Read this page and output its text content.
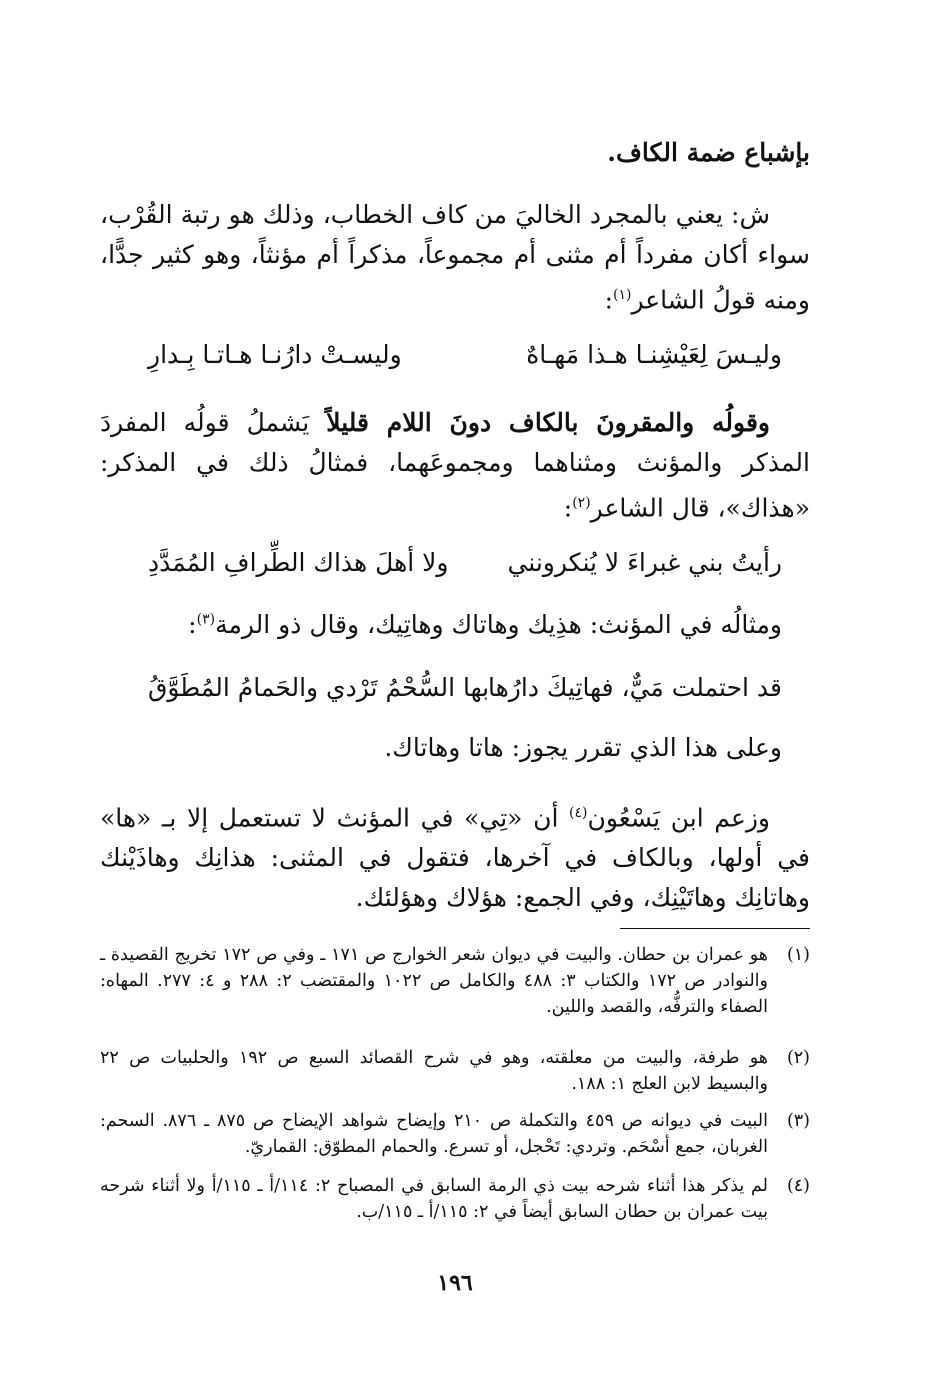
بإشباع ضمة الكاف.
ش: يعني بالمجرد الخاليَ من كاف الخطاب، وذلك هو رتبة القُرْب، سواء أكان مفرداً أم مثنى أم مجموعاً، مذكراً أم مؤنثاً، وهو كثير جدًّا، ومنه قولُ الشاعر$^{(١)}$:
وليـسَ لِعَيْشِنـا هـذا مَهـاهٌ
وليسـتْ دارُنـا هـاتـا بِـدارِ
وقولُه والمقرونَ بالكاف دونَ اللام قليلاً يَشملُ قولُه المفردَ المذكر والمؤنث ومثناهما ومجموعَهما، فمثالُ ذلك في المذكر: «هذاك»، قال الشاعر$^{(٢)}$:
رأيتُ بني غبراءَ لا يُنكرونني
ولا أهلَ هذاك الطِّرافِ المُمَدَّدِ
ومثالُه في المؤنث: هذِيك وهاتاك وهاتِيك، وقال ذو الرمة$^{(٣)}$:
قد احتملت مَيٌّ، فهاتِيكَ دارُها
بها السُّحْمُ تَرْدي والحَمامُ المُطَوَّقُ
وعلى هذا الذي تقرر يجوز: هاتا وهاتاك.
وزعم ابن يَسْعُون$^{(٤)}$ أن «تِي» في المؤنث لا تستعمل إلا بـ «ها» في أولها، وبالكاف في آخرها، فتقول في المثنى: هذانِك وهاذَيْنك وهاتانِك وهاتَيْنِك، وفي الجمع: هؤلاك وهؤلئك.
(١)
هو عمران بن حطان. والبيت في ديوان شعر الخوارج ص ١٧١ ـ وفي ص ١٧٢ تخريج القصيدة ـ والنوادر ص ١٧٢ والكتاب ٣: ٤٨٨ والكامل ص ١٠٢٢ والمقتضب ٢: ٢٨٨ و ٤: ٢٧٧. المهاه: الصفاء والترفُّه، والقصد واللين.
(٢)
هو طرفة، والبيت من معلقته، وهو في شرح القصائد السبع ص ١٩٢ والحلبيات ص ٢٢ والبسيط لابن العلج ١: ١٨٨.
(٣)
البيت في ديوانه ص ٤٥٩ والتكملة ص ٢١٠ وإيضاح شواهد الإيضاح ص ٨٧٥ ـ ٨٧٦. السحم: الغربان، جمع أسْحَم. وتردي: تَحْجل، أو تسرع. والحمام المطوّق: القماريّ.
(٤)
لم يذكر هذا أثناء شرحه بيت ذي الرمة السابق في المصباح ٢: ١١٤/أ ـ ١١٥/أ ولا أثناء شرحه بيت عمران بن حطان السابق أيضاً في ٢: ١١٥/أ ـ ١١٥/ب.
١٩٦
